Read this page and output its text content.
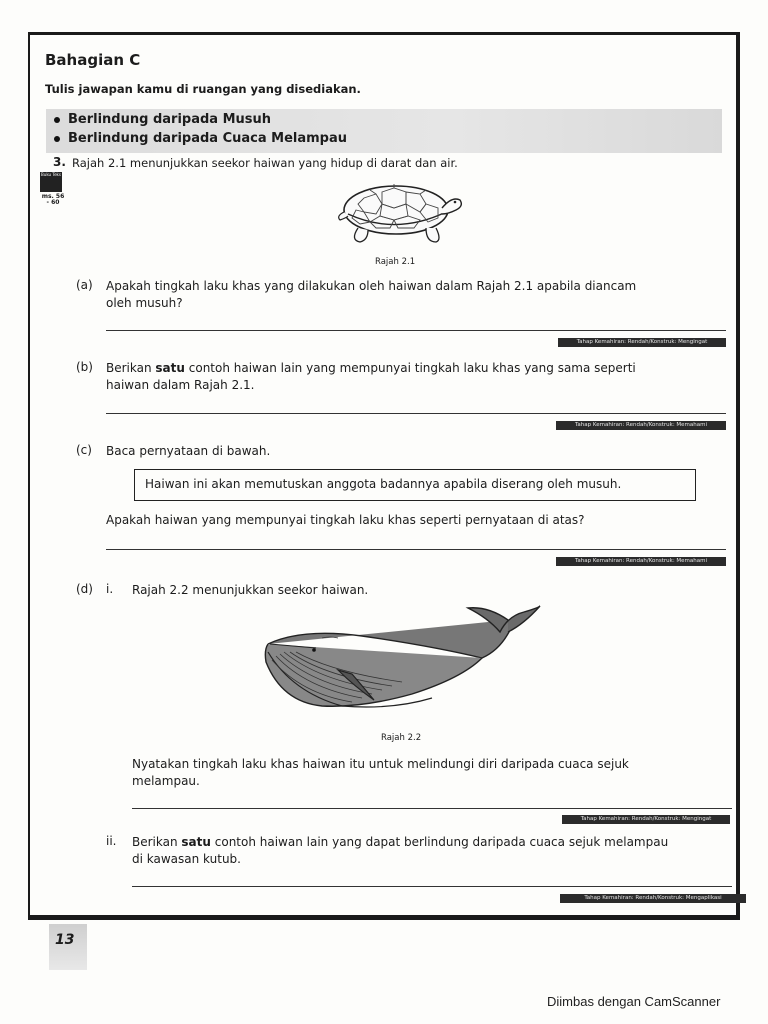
Bahagian C
Tulis jawapan kamu di ruangan yang disediakan.
Berlindung daripada Musuh
Berlindung daripada Cuaca Melampau
Buku Teks
ms. 56 - 60
3. Rajah 2.1 menunjukkan seekor haiwan yang hidup di darat dan air.
Rajah 2.1
(a) Apakah tingkah laku khas yang dilakukan oleh haiwan dalam Rajah 2.1 apabila diancam
oleh musuh?
Tahap Kemahiran: Rendah/Konstruk: Mengingat
(b) Berikan satu contoh haiwan lain yang mempunyai tingkah laku khas yang sama seperti
haiwan dalam Rajah 2.1.
Tahap Kemahiran: Rendah/Konstruk: Memahami
(c) Baca pernyataan di bawah.
Haiwan ini akan memutuskan anggota badannya apabila diserang oleh musuh.
Apakah haiwan yang mempunyai tingkah laku khas seperti pernyataan di atas?
Tahap Kemahiran: Rendah/Konstruk: Memahami
(d) i. Rajah 2.2 menunjukkan seekor haiwan.
Rajah 2.2
Nyatakan tingkah laku khas haiwan itu untuk melindungi diri daripada cuaca sejuk
melampau.
Tahap Kemahiran: Rendah/Konstruk: Mengingat
ii. Berikan satu contoh haiwan lain yang dapat berlindung daripada cuaca sejuk melampau
di kawasan kutub.
Tahap Kemahiran: Rendah/Konstruk: Mengaplikasi
13
Diimbas dengan CamScanner
